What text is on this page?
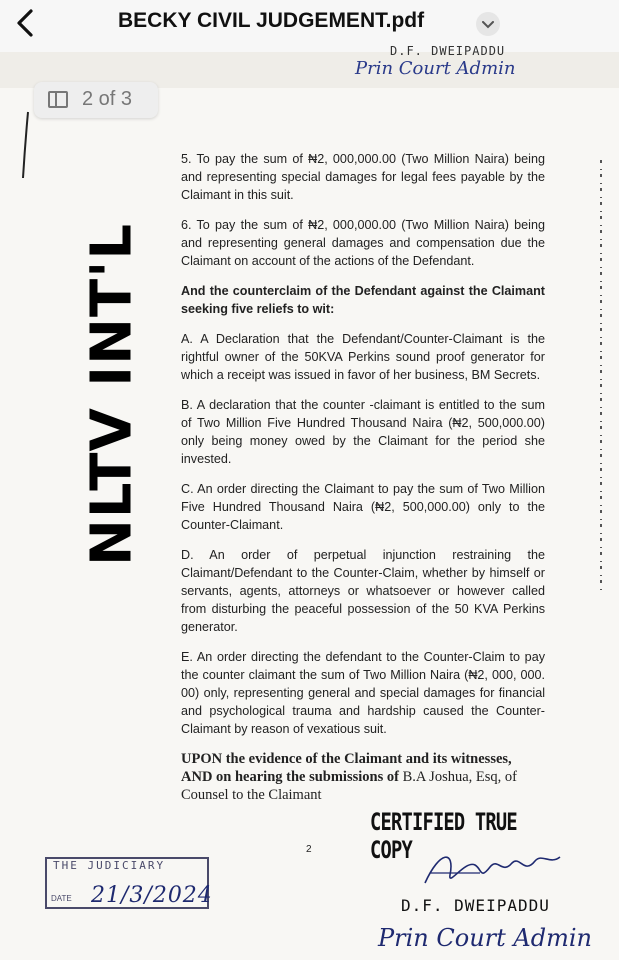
BECKY CIVIL JUDGEMENT.pdf
D.F. DWEIPADDU
Prin Court Admin
2 of 3
NLTV INT'L

5. To pay the sum of ₦2, 000,000.00 (Two Million Naira) being and representing special damages for legal fees payable by the Claimant in this suit.

6. To pay the sum of ₦2, 000,000.00 (Two Million Naira) being and representing general damages and compensation due the Claimant on account of the actions of the Defendant.

And the counterclaim of the Defendant against the Claimant seeking five reliefs to wit:

A. A Declaration that the Defendant/Counter-Claimant is the rightful owner of the 50KVA Perkins sound proof generator for which a receipt was issued in favor of her business, BM Secrets.

B. A declaration that the counter -claimant is entitled to the sum of Two Million Five Hundred Thousand Naira (₦2, 500,000.00) only being money owed by the Claimant for the period she invested.

C. An order directing the Claimant to pay the sum of Two Million Five Hundred Thousand Naira (₦2, 500,000.00) only to the Counter-Claimant.

D. An order of perpetual injunction restraining the Claimant/Defendant to the Counter-Claim, whether by himself or servants, agents, attorneys or whatsoever or however called from disturbing the peaceful possession of the 50 KVA Perkins generator.

E. An order directing the defendant to the Counter-Claim to pay the counter claimant the sum of Two Million Naira (₦2, 000, 000. 00) only, representing general and special damages for financial and psychological trauma and hardship caused the Counter-Claimant by reason of vexatious suit.

UPON the evidence of the Claimant and its witnesses, AND on hearing the submissions of B.A Joshua, Esq, of Counsel to the Claimant

2
CERTIFIED TRUE COPY
D.F. DWEIPADDU
Prin Court Admin
THE JUDICIARY
DATE 21/3/2024
